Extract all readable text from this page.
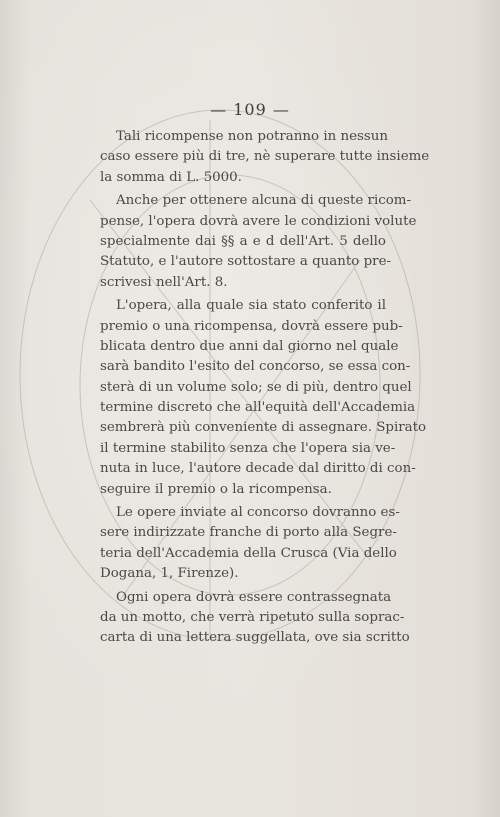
— 109 —
Tali ricompense non potranno in nessun
caso essere più di tre, nè superare tutte insieme
la somma di L. 5000.
Anche per ottenere alcuna di queste ricom-
pense, l'opera dovrà avere le condizioni volute
specialmente dai §§ a e d dell'Art. 5 dello
Statuto, e l'autore sottostare a quanto pre-
scrivesi nell'Art. 8.
L'opera, alla quale sia stato conferito il
premio o una ricompensa, dovrà essere pub-
blicata dentro due anni dal giorno nel quale
sarà bandito l'esito del concorso, se essa con-
sterà di un volume solo; se di più, dentro quel
termine discreto che all'equità dell'Accademia
sembrerà più conveniente di assegnare. Spirato
il termine stabilito senza che l'opera sia ve-
nuta in luce, l'autore decade dal diritto di con-
seguire il premio o la ricompensa.
Le opere inviate al concorso dovranno es-
sere indirizzate franche di porto alla Segre-
teria dell'Accademia della Crusca (Via dello
Dogana, 1, Firenze).
Ogni opera dovrà essere contrassegnata
da un motto, che verrà ripetuto sulla soprac-
carta di una lettera suggellata, ove sia scritto
